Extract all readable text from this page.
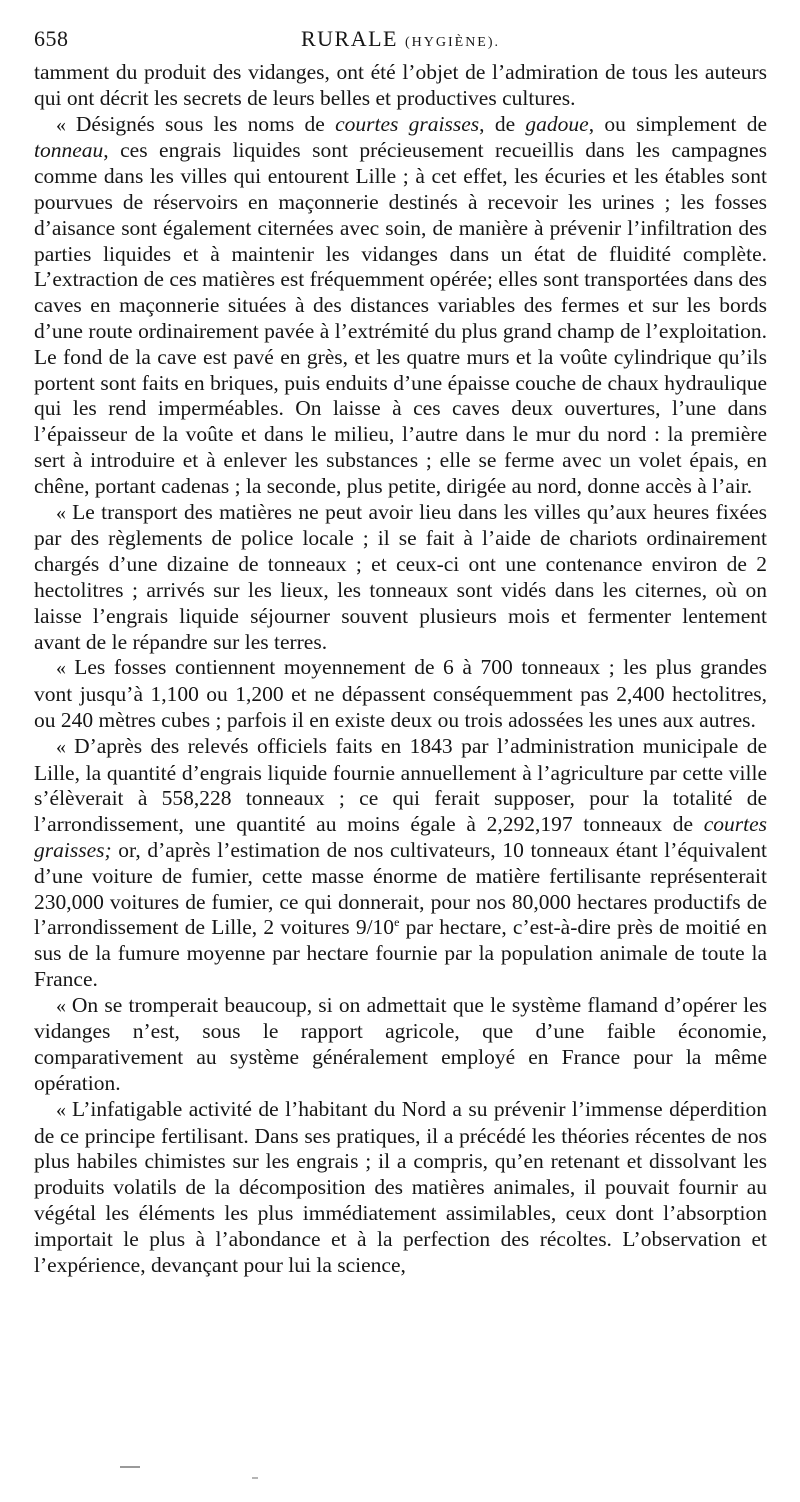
658	RURALE (HYGIÈNE).

tamment du produit des vidanges, ont été l’objet de l’admiration de tous les auteurs qui ont décrit les secrets de leurs belles et productives cultures.

« Désignés sous les noms de courtes graisses, de gadoue, ou simplement de tonneau, ces engrais liquides sont précieusement recueillis dans les campagnes comme dans les villes qui entourent Lille ; à cet effet, les écuries et les étables sont pourvues de réservoirs en maçonnerie destinés à recevoir les urines ; les fosses d’aisance sont également citernées avec soin, de manière à prévenir l’infiltration des parties liquides et à maintenir les vidanges dans un état de fluidité complète. L’extraction de ces matières est fréquemment opérée; elles sont transportées dans des caves en maçonnerie situées à des distances variables des fermes et sur les bords d’une route ordinairement pavée à l’extrémité du plus grand champ de l’exploitation. Le fond de la cave est pavé en grès, et les quatre murs et la voûte cylindrique qu’ils portent sont faits en briques, puis enduits d’une épaisse couche de chaux hydraulique qui les rend imperméables. On laisse à ces caves deux ouvertures, l’une dans l’épaisseur de la voûte et dans le milieu, l’autre dans le mur du nord : la première sert à introduire et à enlever les substances ; elle se ferme avec un volet épais, en chêne, portant cadenas ; la seconde, plus petite, dirigée au nord, donne accès à l’air.

« Le transport des matières ne peut avoir lieu dans les villes qu’aux heures fixées par des règlements de police locale ; il se fait à l’aide de chariots ordinairement chargés d’une dizaine de tonneaux ; et ceux-ci ont une contenance environ de 2 hectolitres ; arrivés sur les lieux, les tonneaux sont vidés dans les citernes, où on laisse l’engrais liquide séjourner souvent plusieurs mois et fermenter lentement avant de le répandre sur les terres.

« Les fosses contiennent moyennement de 6 à 700 tonneaux ; les plus grandes vont jusqu’à 1,100 ou 1,200 et ne dépassent conséquemment pas 2,400 hectolitres, ou 240 mètres cubes ; parfois il en existe deux ou trois adossées les unes aux autres.

« D’après des relevés officiels faits en 1843 par l’administration municipale de Lille, la quantité d’engrais liquide fournie annuellement à l’agriculture par cette ville s’élèverait à 558,228 tonneaux ; ce qui ferait supposer, pour la totalité de l’arrondissement, une quantité au moins égale à 2,292,197 tonneaux de courtes graisses; or, d’après l’estimation de nos cultivateurs, 10 tonneaux étant l’équivalent d’une voiture de fumier, cette masse énorme de matière fertilisante représenterait 230,000 voitures de fumier, ce qui donnerait, pour nos 80,000 hectares productifs de l’arrondissement de Lille, 2 voitures 9/10e par hectare, c’est-à-dire près de moitié en sus de la fumure moyenne par hectare fournie par la population animale de toute la France.

« On se tromperait beaucoup, si on admettait que le système flamand d’opérer les vidanges n’est, sous le rapport agricole, que d’une faible économie, comparativement au système généralement employé en France pour la même opération.

« L’infatigable activité de l’habitant du Nord a su prévenir l’immense déperdition de ce principe fertilisant. Dans ses pratiques, il a précédé les théories récentes de nos plus habiles chimistes sur les engrais ; il a compris, qu’en retenant et dissolvant les produits volatils de la décomposition des matières animales, il pouvait fournir au végétal les éléments les plus immédiatement assimilables, ceux dont l’absorption importait le plus à l’abondance et à la perfection des récoltes. L’observation et l’expérience, devançant pour lui la science,
